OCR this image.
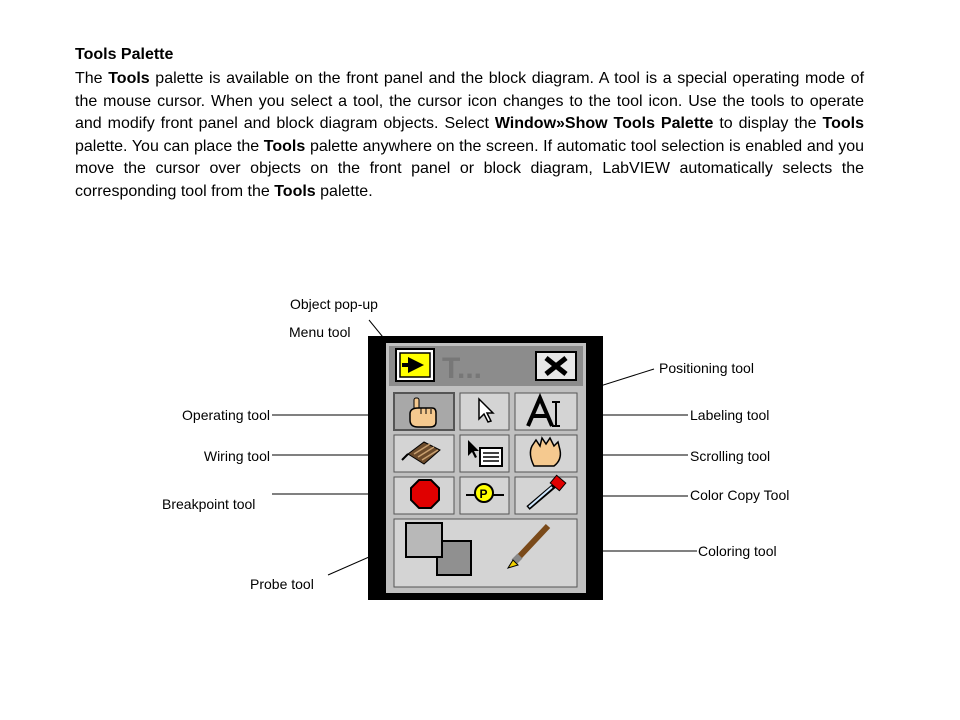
Tools Palette

The Tools palette is available on the front panel and the block diagram. A tool is a special operating mode of the mouse cursor. When you select a tool, the cursor icon changes to the tool icon. Use the tools to operate and modify front panel and block diagram objects. Select Window»Show Tools Palette to display the Tools palette. You can place the Tools palette anywhere on the screen. If automatic tool selection is enabled and you move the cursor over objects on the front panel or block diagram, LabVIEW automatically selects the corresponding tool from the Tools palette.

Object pop-up
Menu tool
Positioning tool
Operating tool	Labeling tool
Wiring tool	Scrolling tool
Breakpoint tool
Color Copy Tool
Coloring tool
Probe tool
T...
P
